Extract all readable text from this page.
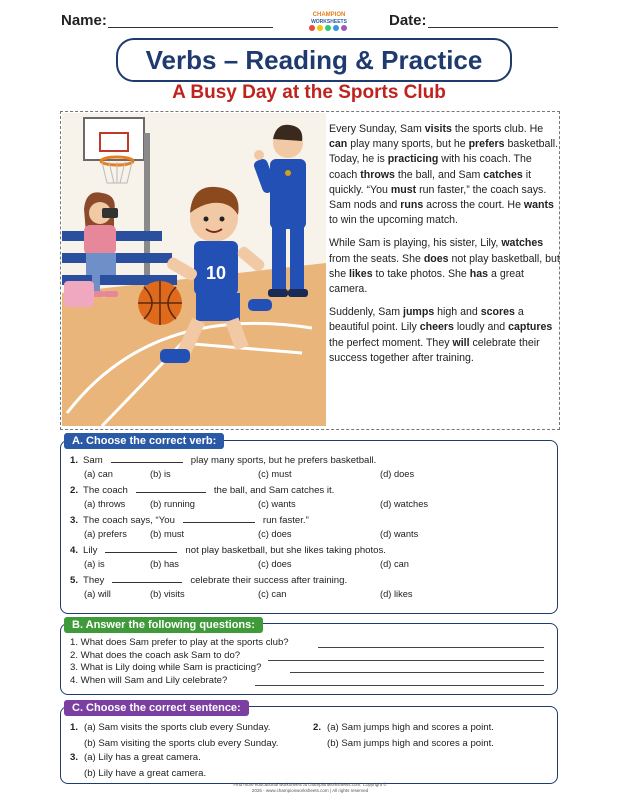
Name:	CHAMPION
WORKSHEETS	Date:
Verbs – Reading & Practice
A Busy Day at the Sports Club
10

Every Sunday, Sam visits the sports club. He can play many sports, but he prefers basketball. Today, he is practicing with his coach. The coach throws the ball, and Sam catches it quickly. “You must run faster,” the coach says. Sam nods and runs across the court. He wants to win the upcoming match.

While Sam is playing, his sister, Lily, watches from the seats. She does not play basketball, but she likes to take photos. She has a great camera.

Suddenly, Sam jumps high and scores a beautiful point. Lily cheers loudly and captures the perfect moment. They will celebrate their success together after training.

A. Choose the correct verb:
1. Sam	play many sports, but he prefers basketball.
(a) can	(b) is	(c) must	(d) does
2. The coach	the ball, and Sam catches it.
(a) throws	(b) running	(c) wants	(d) watches
3. The coach says, “You	run faster.”
(a) prefers (b) must	(c) does	(d) wants
4. Lily	not play basketball, but she likes taking photos.
(a) is	(b) has	(c) does	(d) can
5. They	celebrate their success after training.
(a) will	(b) visits	(c) can	(d) likes
B. Answer the following questions:
1. What does Sam prefer to play at the sports club?
2. What does the coach ask Sam to do?
3. What is Lily doing while Sam is practicing?
4. When will Sam and Lily celebrate?
C. Choose the correct sentence:
1. (a) Sam visits the sports club every Sunday.
(b) Sam visiting the sports club every Sunday.
2. (a) Sam jumps high and scores a point.
(b) Sam jumps high and scores a point.
3. (a) Lily has a great camera.
(b) Lily have a great camera.
Find more educational worksheets at championworksheets.com. Copyright ©
2026 - www.championworksheets.com | All rights reserved
